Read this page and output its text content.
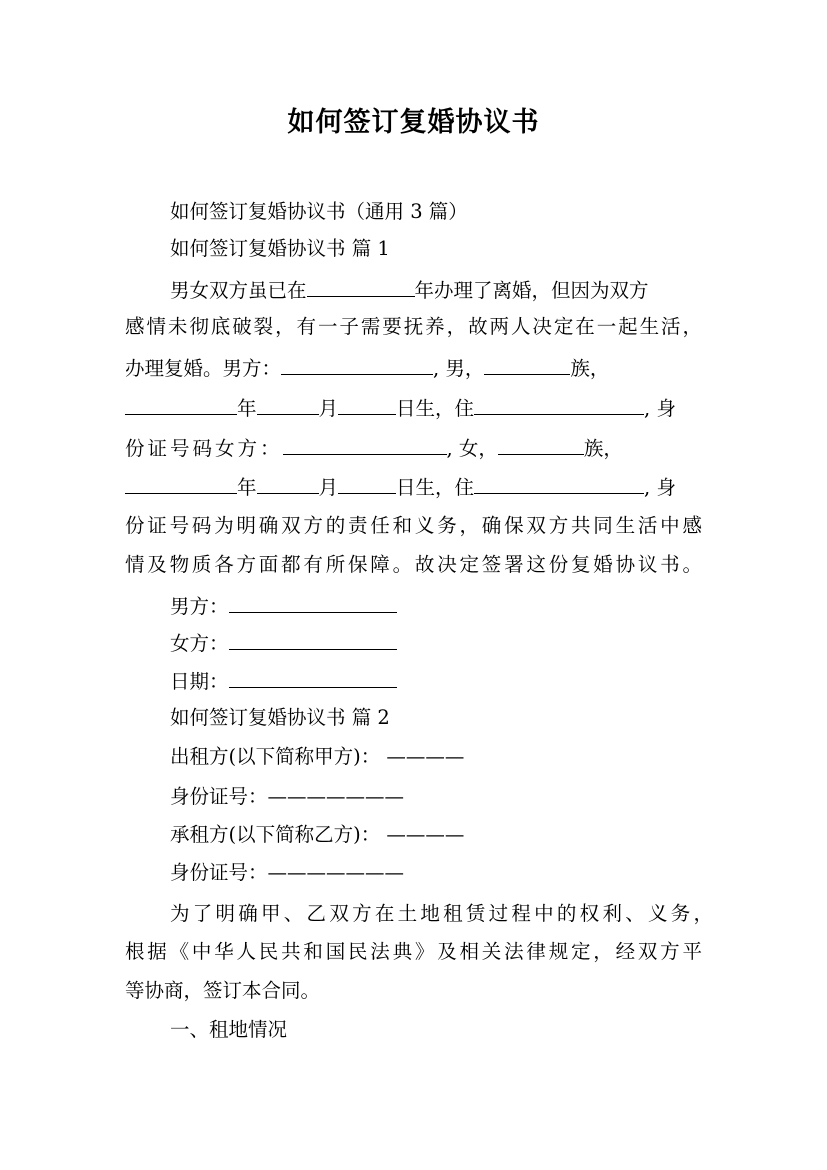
如何签订复婚协议书
如何签订复婚协议书（通用 3 篇）
如何签订复婚协议书 篇 1
男女双方虽已在	年办理了离婚，但因为双方
感情未彻底破裂，有一子需要抚养，故两人决定在一起生活，
办理复婚。男方：	, 男，	族，
年	月	日生，住	, 身
份证号码女方：	, 女，	族，
年	月	日生，住	, 身
份证号码为明确双方的责任和义务，确保双方共同生活中感
情及物质各方面都有所保障。故决定签署这份复婚协议书。
男方：
女方：
日期：
如何签订复婚协议书 篇 2
出租方(以下简称甲方)： ————
身份证号：———————
承租方(以下简称乙方)： ————
身份证号：———————
为了明确甲、乙双方在土地租赁过程中的权利、义务，
根据《中华人民共和国民法典》及相关法律规定，经双方平
等协商，签订本合同。
一、租地情况
